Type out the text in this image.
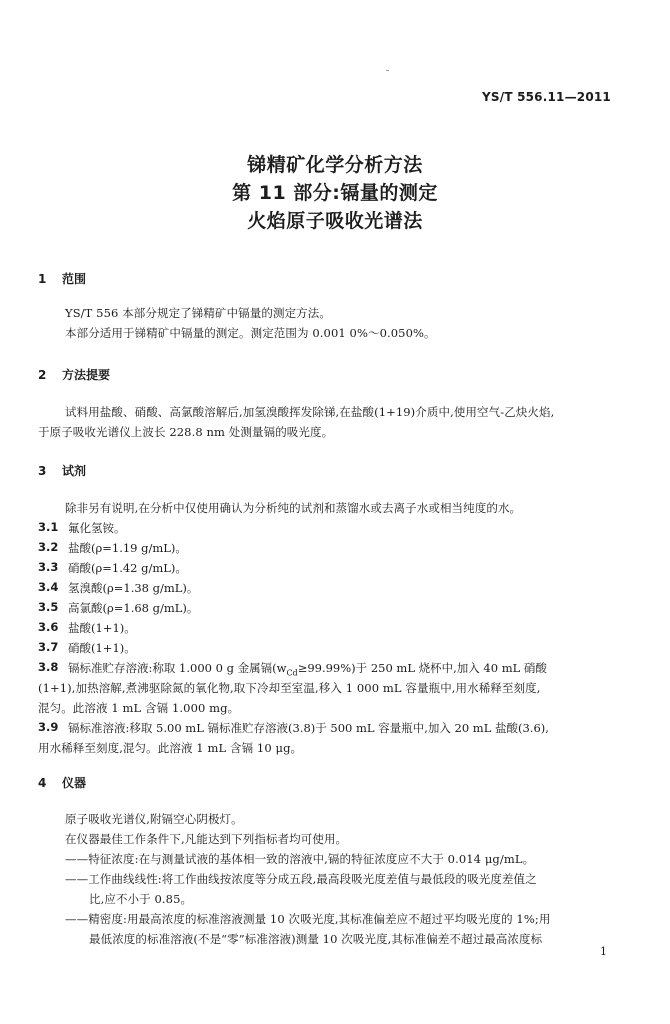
YS/T 556.11—2011
锑精矿化学分析方法
第 11 部分:镉量的测定
火焰原子吸收光谱法
1 范围
YS/T 556 本部分规定了锑精矿中镉量的测定方法。
本部分适用于锑精矿中镉量的测定。测定范围为 0.001 0%～0.050%。
2 方法提要
试料用盐酸、硝酸、高氯酸溶解后,加氢溴酸挥发除锑,在盐酸(1+19)介质中,使用空气-乙炔火焰,
于原子吸收光谱仪上波长 228.8 nm 处测量镉的吸光度。
3 试剂
除非另有说明,在分析中仅使用确认为分析纯的试剂和蒸馏水或去离子水或相当纯度的水。
3.1 氟化氢铵。
3.2 盐酸(ρ=1.19 g/mL)。
3.3 硝酸(ρ=1.42 g/mL)。
3.4 氢溴酸(ρ=1.38 g/mL)。
3.5 高氯酸(ρ=1.68 g/mL)。
3.6 盐酸(1+1)。
3.7 硝酸(1+1)。
3.8 镉标准贮存溶液:称取 1.000 0 g 金属镉$(w_{Cd}\ge 99.99\%)$于 250 mL 烧杯中,加入 40 mL 硝酸
(1+1),加热溶解,煮沸驱除氮的氧化物,取下冷却至室温,移入 1 000 mL 容量瓶中,用水稀释至刻度,
混匀。此溶液 1 mL 含镉 1.000 mg。
3.9 镉标准溶液:移取 5.00 mL 镉标准贮存溶液(3.8)于 500 mL 容量瓶中,加入 20 mL 盐酸(3.6),
用水稀释至刻度,混匀。此溶液 1 mL 含镉 10 μg。
4 仪器
原子吸收光谱仪,附镉空心阴极灯。
在仪器最佳工作条件下,凡能达到下列指标者均可使用。
——特征浓度:在与测量试液的基体相一致的溶液中,镉的特征浓度应不大于 0.014 μg/mL。
——工作曲线线性:将工作曲线按浓度等分成五段,最高段吸光度差值与最低段的吸光度差值之
比,应不小于 0.85。
——精密度:用最高浓度的标准溶液测量 10 次吸光度,其标准偏差应不超过平均吸光度的 1%;用
最低浓度的标准溶液(不是“零”标准溶液)测量 10 次吸光度,其标准偏差不超过最高浓度标
1
